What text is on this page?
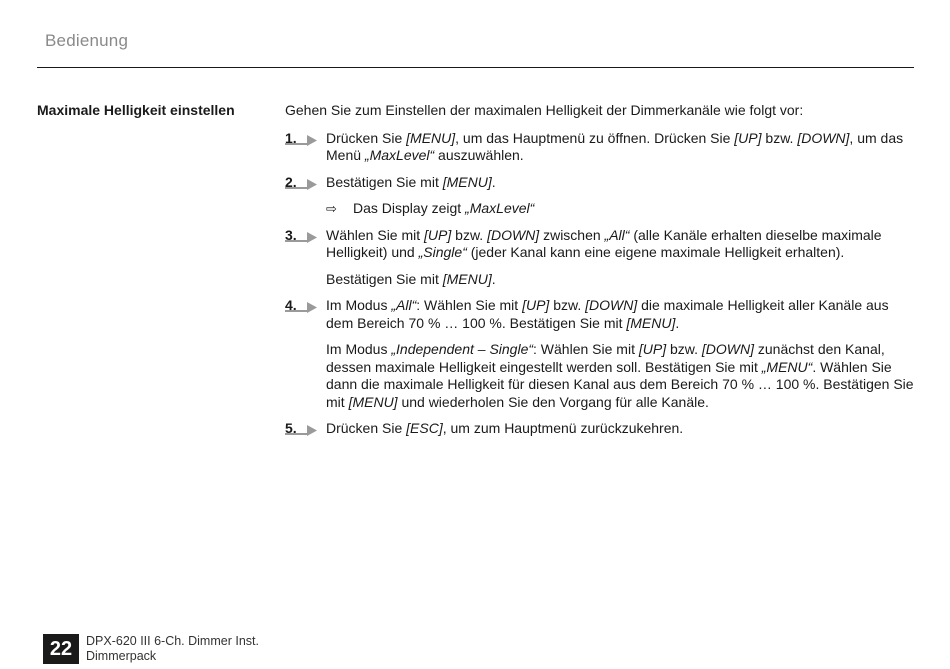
Bedienung
Maximale Helligkeit einstellen	Gehen Sie zum Einstellen der maximalen Helligkeit der Dimmerkanäle wie folgt vor:

1. Drücken Sie [MENU], um das Hauptmenü zu öffnen. Drücken Sie [UP] bzw. [DOWN], um das Menü „MaxLevel“ auszuwählen.

2. Bestätigen Sie mit [MENU].

⇨ Das Display zeigt „MaxLevel“
3. Wählen Sie mit [UP] bzw. [DOWN] zwischen „All“ (alle Kanäle erhalten dieselbe maximale Helligkeit) und „Single“ (jeder Kanal kann eine eigene maximale Helligkeit erhalten).

Bestätigen Sie mit [MENU].

4. Im Modus „All“: Wählen Sie mit [UP] bzw. [DOWN] die maximale Helligkeit aller Kanäle aus dem Bereich 70 % … 100 %. Bestätigen Sie mit [MENU].

Im Modus „Independent – Single“: Wählen Sie mit [UP] bzw. [DOWN] zunächst den Kanal, dessen maximale Helligkeit eingestellt werden soll. Bestätigen Sie mit „MENU“. Wählen Sie dann die maximale Helligkeit für diesen Kanal aus dem Bereich 70 % … 100 %. Bestätigen Sie mit [MENU] und wiederholen Sie den Vorgang für alle Kanäle.

5. Drücken Sie [ESC], um zum Hauptmenü zurückzukehren.

22	DPX-620 III 6-Ch. Dimmer Inst.
Dimmerpack
